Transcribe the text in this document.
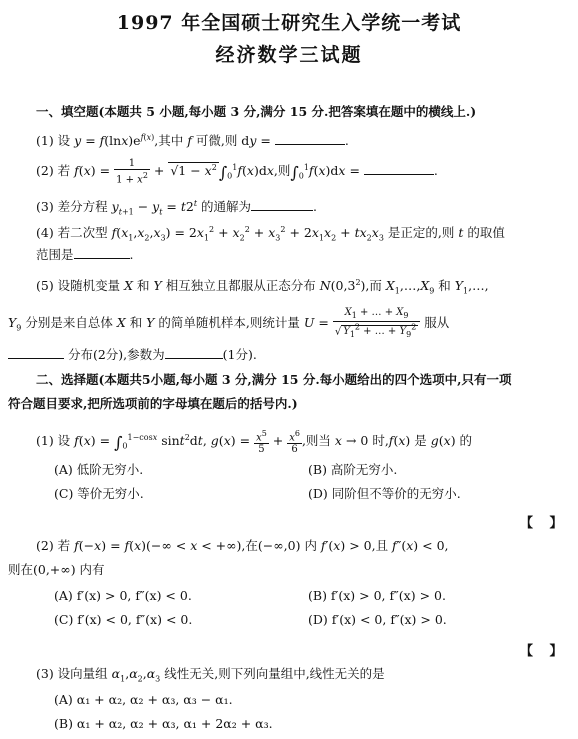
1997 年全国硕士研究生入学统一考试
经济数学三试题
一、填空题(本题共 5 小题,每小题 3 分,满分 15 分.把答案填在题中的横线上.)
(1) 设 $y = f(\ln x)e^{f(x)}$,其中 f 可微,则 dy =	.
(2) 若 $f(x) = \frac{1}{1 + x^2} + √1 - x^2$ $\int_0^1f(x)dx$,则$\int_0^1f(x)dx$ =	.
(3) 差分方程 $y_{t+1} - y_t = t2^t$ 的通解为	.
(4) 若二次型 $f(x_1,x_2,x_3) = 2x_1^2 + x_2^2 + x_3^2 + 2x_1x_2 + tx_2x_3$ 是正定的,则 t 的取值
范围是	.
(5) 设随机变量 X 和 Y 相互独立且都服从正态分布 $N(0,3^2)$,而 $X_1,\dots,X_9$ 和 $Y_1,\dots$,
$Y_9$ 分别是来自总体 X 和 Y 的简单随机样本,则统计量 $U = \frac{X_1 + \dots + X_9}{√ Y_1^2 + \dots + Y_9^2}$ 服从
分布(2分),参数为	(1分).
二、选择题(本题共5小题,每小题 3 分,满分 15 分.每小题给出的四个选项中,只有一项
符合题目要求,把所选项前的字母填在题后的括号内.)
(1) 设 $f(x) = \int_0^{1-cosx}$ sint$^2$dt, $g(x) = \frac{x^5}{5} + \frac{x^6}{6}$ ,则当 x → 0 时,f(x) 是 g(x) 的
(A) 低阶无穷小.	(B) 高阶无穷小.
(C) 等价无穷小.	(D) 同阶但不等价的无穷小.
【 】
(2) 若 f(−x) = f(x)(−∞ < x < +∞),在(−∞,0) 内 f′(x) > 0,且 f″(x) < 0,
则在(0,+∞) 内有
(A) f′(x) > 0, f″(x) < 0.	(B) f′(x) > 0, f″(x) > 0.
(C) f′(x) < 0, f″(x) < 0.	(D) f′(x) < 0, f″(x) > 0.
【 】
(3) 设向量组 $\alpha_1,\alpha_2,\alpha_3$ 线性无关,则下列向量组中,线性无关的是
(A) α₁ + α₂, α₂ + α₃, α₃ − α₁.
(B) α₁ + α₂, α₂ + α₃, α₁ + 2α₂ + α₃.
